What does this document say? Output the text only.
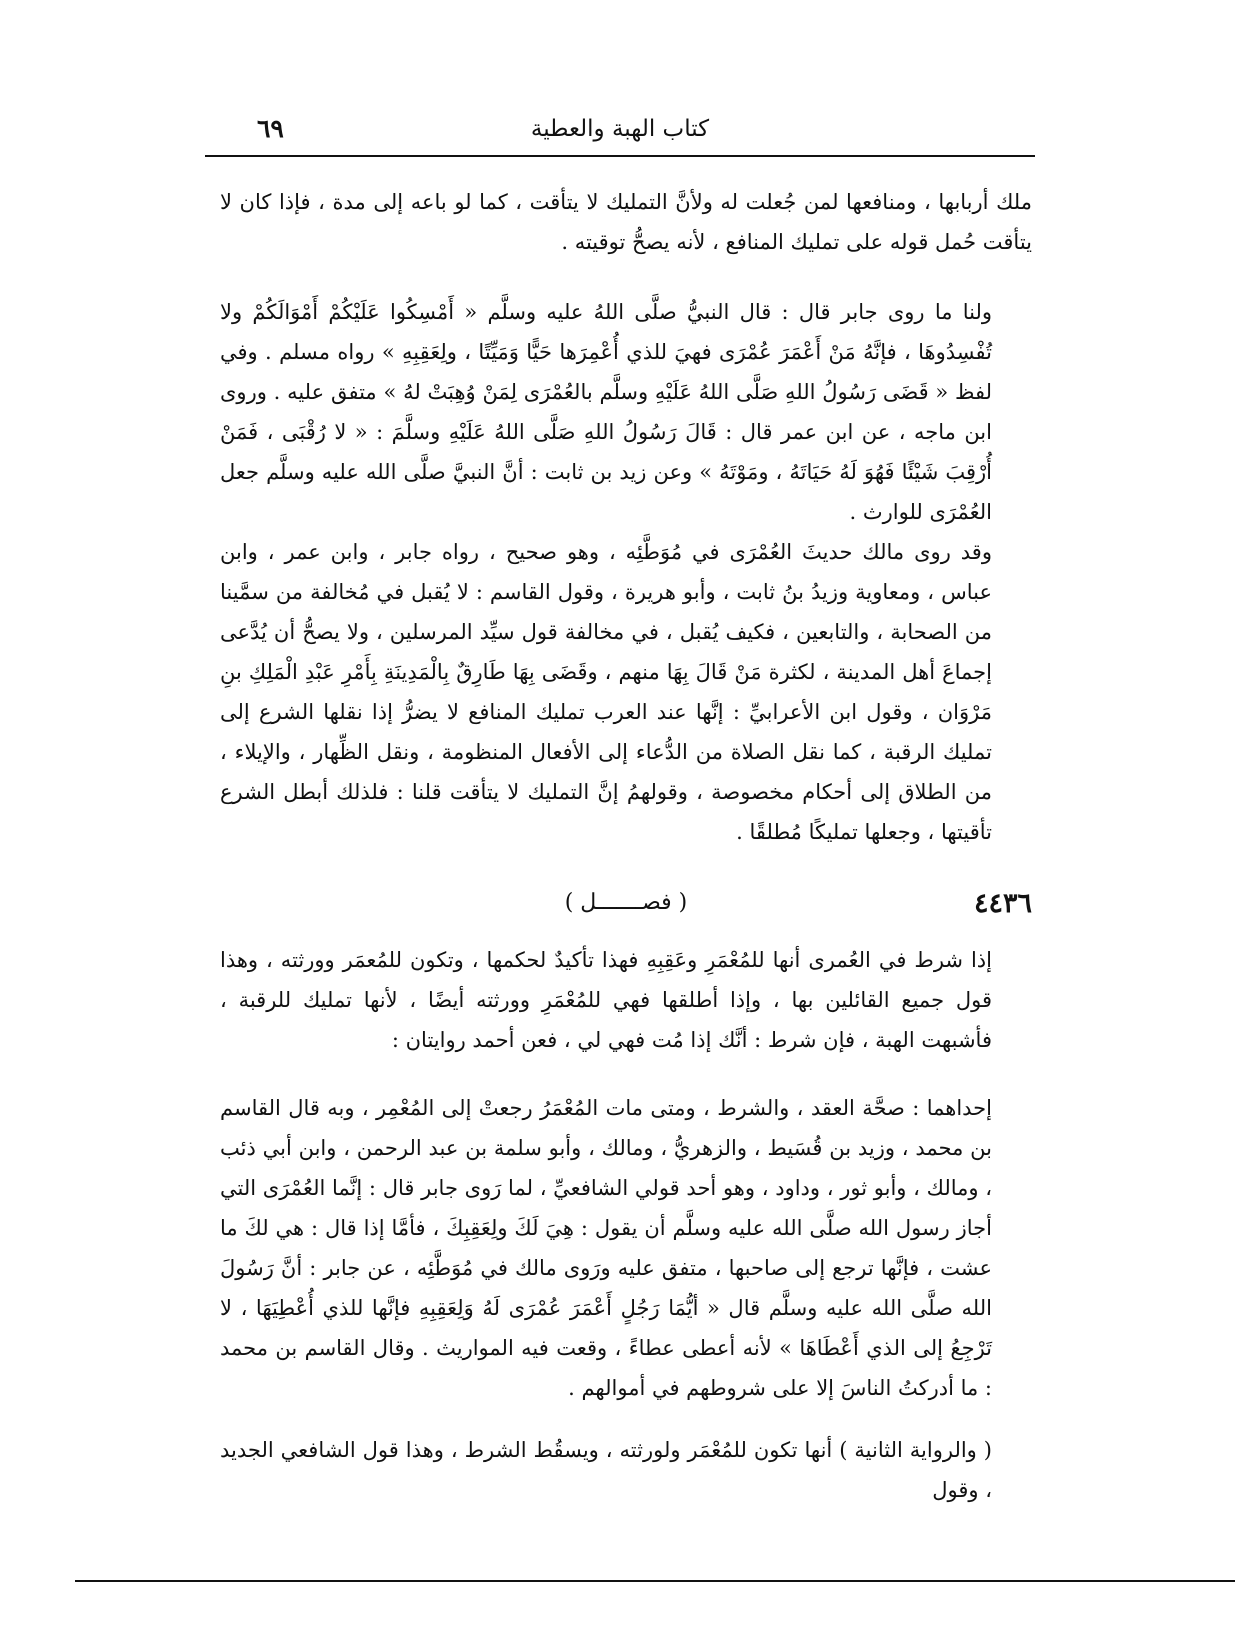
كتاب الهبة والعطية
٦٩

ملك أربابها ، ومنافعها لمن جُعلت له ولأنَّ التمليك لا يتأقت ، كما لو باعه إلى مدة ، فإذا كان لا يتأقت حُمل قوله على تمليك المنافع ، لأنه يصحُّ توقيته .

ولنا ما روى جابر قال : قال النبيُّ صلَّى اللهُ عليه وسلَّم « أَمْسِكُوا عَلَيْكُمْ أَمْوَالَكُمْ ولا تُفْسِدُوهَا ، فإنَّهُ مَنْ أَعْمَرَ عُمْرَى فهيَ للذي أُعْمِرَها حَيًّا وَمَيِّتًا ، ولِعَقِبِهِ » رواه مسلم . وفي لفظ « قَضَى رَسُولُ اللهِ صَلَّى اللهُ عَلَيْهِ وسلَّم بالعُمْرَى لِمَنْ وُهِبَتْ لهُ » متفق عليه . وروى ابن ماجه ، عن ابن عمر قال : قَالَ رَسُولُ اللهِ صَلَّى اللهُ عَلَيْهِ وسلَّمَ : « لا رُقْبَى ، فَمَنْ أُرْقِبَ شَيْئًا فَهُوَ لَهُ حَيَاتَهُ ، ومَوْتَهُ » وعن زيد بن ثابت : أنَّ النبيَّ صلَّى الله عليه وسلَّم جعل العُمْرَى للوارث .

وقد روى مالك حديثَ العُمْرَى في مُوَطَّئِه ، وهو صحيح ، رواه جابر ، وابن عمر ، وابن عباس ، ومعاوية وزيدُ بنُ ثابت ، وأبو هريرة ، وقول القاسم : لا يُقبل في مُخالفة من سمَّينا من الصحابة ، والتابعين ، فكيف يُقبل ، في مخالفة قول سيِّد المرسلين ، ولا يصحُّ أن يُدَّعى إجماعَ أهل المدينة ، لكثرة مَنْ قَالَ بِهَا منهم ، وقَضَى بِهَا طَارِقٌ بِالْمَدِينَةِ بِأَمْرِ عَبْدِ الْمَلِكِ بنِ مَرْوَان ، وقول ابن الأعرابيِّ : إنَّها عند العرب تمليك المنافع لا يضرُّ إذا نقلها الشرع إلى تمليك الرقبة ، كما نقل الصلاة من الدُّعاء إلى الأفعال المنظومة ، ونقل الظِّهار ، والإيلاء ، من الطلاق إلى أحكام مخصوصة ، وقولهمُ إنَّ التمليك لا يتأقت قلنا : فلذلك أبطل الشرع تأقيتها ، وجعلها تمليكًا مُطلقًا .

٤٤٣٦
( فصـــــــل )

إذا شرط في العُمرى أنها للمُعْمَرِ وعَقِبِهِ فهذا تأكيدٌ لحكمها ، وتكون للمُعمَر وورثته ، وهذا قول جميع القائلين بها ، وإذا أطلقها فهي للمُعْمَرِ وورثته أيضًا ، لأنها تمليك للرقبة ، فأشبهت الهبة ، فإن شرط : أنَّك إذا مُت فهي لي ، فعن أحمد روايتان :

إحداهما : صحَّة العقد ، والشرط ، ومتى مات المُعْمَرُ رجعتْ إلى المُعْمِر ، وبه قال القاسم بن محمد ، وزيد بن قُسَيط ، والزهريُّ ، ومالك ، وأبو سلمة بن عبد الرحمن ، وابن أبي ذئب ، ومالك ، وأبو ثور ، وداود ، وهو أحد قولي الشافعيِّ ، لما رَوى جابر قال : إنَّما العُمْرَى التي أجاز رسول الله صلَّى الله عليه وسلَّم أن يقول : هِيَ لَكَ ولِعَقِبِكَ ، فأمَّا إذا قال : هي لكَ ما عشت ، فإنَّها ترجع إلى صاحبها ، متفق عليه ورَوى مالك في مُوَطَّئِه ، عن جابر : أنَّ رَسُولَ الله صلَّى الله عليه وسلَّم قال « أيُّمَا رَجُلٍ أَعْمَرَ عُمْرَى لَهُ وَلِعَقِبِهِ فإنَّها للذي أُعْطِيَهَا ، لا تَرْجِعُ إلى الذي أَعْطَاهَا » لأنه أعطى عطاءً ، وقعت فيه المواريث . وقال القاسم بن محمد : ما أدركتُ الناسَ إلا على شروطهم في أموالهم .

( والرواية الثانية ) أنها تكون للمُعْمَر ولورثته ، ويسقُط الشرط ، وهذا قول الشافعي الجديد ، وقول
